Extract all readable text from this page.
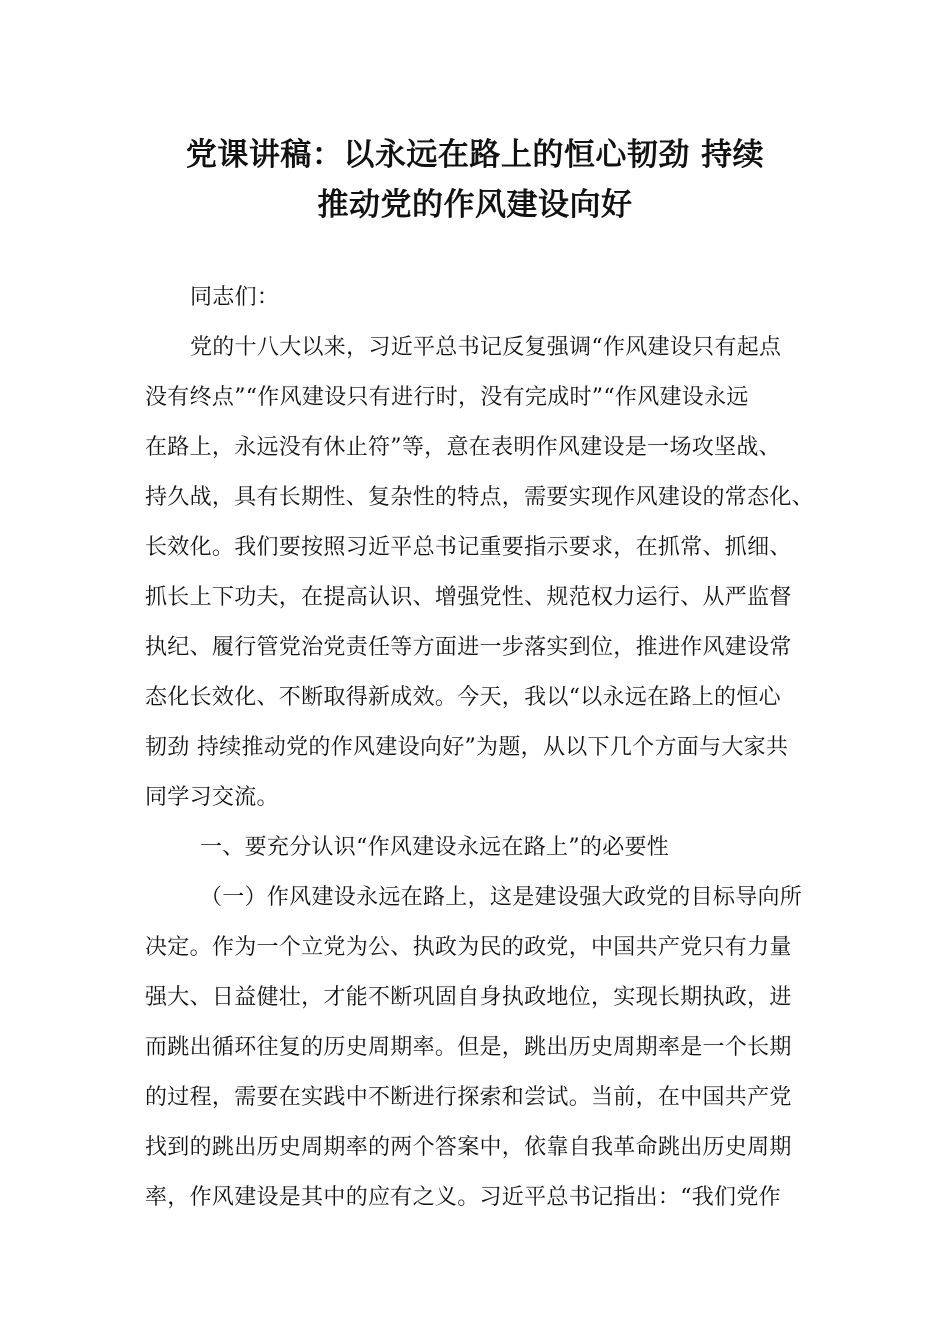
党课讲稿：以永远在路上的恒心韧劲 持续
推动党的作风建设向好
同志们：
党的十八大以来，习近平总书记反复强调“作风建设只有起点
没有终点”“作风建设只有进行时，没有完成时”“作风建设永远
在路上，永远没有休止符”等，意在表明作风建设是一场攻坚战、
持久战，具有长期性、复杂性的特点，需要实现作风建设的常态化、
长效化。我们要按照习近平总书记重要指示要求，在抓常、抓细、
抓长上下功夫，在提高认识、增强党性、规范权力运行、从严监督
执纪、履行管党治党责任等方面进一步落实到位，推进作风建设常
态化长效化、不断取得新成效。今天，我以“以永远在路上的恒心
韧劲 持续推动党的作风建设向好”为题，从以下几个方面与大家共
同学习交流。
一、要充分认识“作风建设永远在路上”的必要性
（一）作风建设永远在路上，这是建设强大政党的目标导向所
决定。作为一个立党为公、执政为民的政党，中国共产党只有力量
强大、日益健壮，才能不断巩固自身执政地位，实现长期执政，进
而跳出循环往复的历史周期率。但是，跳出历史周期率是一个长期
的过程，需要在实践中不断进行探索和尝试。当前，在中国共产党
找到的跳出历史周期率的两个答案中，依靠自我革命跳出历史周期
率，作风建设是其中的应有之义。习近平总书记指出：“我们党作
